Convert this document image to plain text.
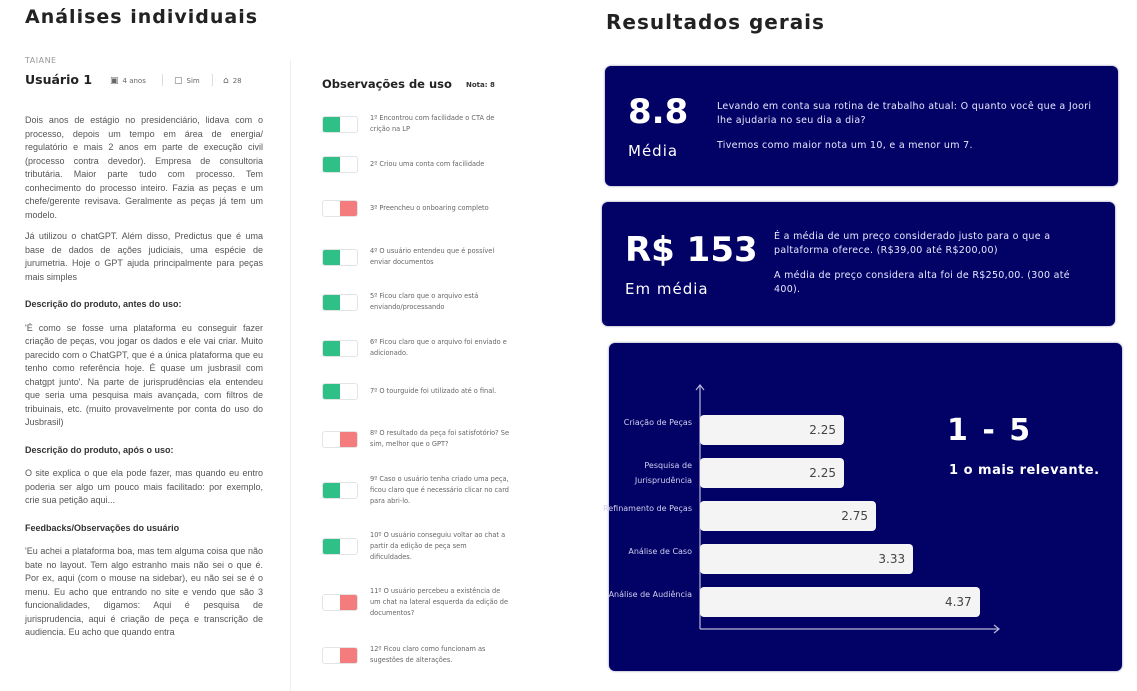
Análises individuais
TAIANE
Usuário 1 ▣ 4 anos	▢ Sim	⌂ 28

Dois anos de estágio no presidenciário, lidava com o processo, depois um tempo em área de energia/ regulatório e mais 2 anos em parte de execução civil (processo contra devedor). Empresa de consultoria tributária. Maior parte tudo com processo. Tem conhecimento do processo inteiro. Fazia as peças e um chefe/gerente revisava. Geralmente as peças já tem um modelo.

Já utilizou o chatGPT. Além disso, Predictus que é uma base de dados de ações judiciais, uma espécie de jurumetria. Hoje o GPT ajuda principalmente para peças mais simples

Descrição do produto, antes do uso:

'É como se fosse uma plataforma eu conseguir fazer criação de peças, vou jogar os dados e ele vai criar. Muito parecido com o ChatGPT, que é a única plataforma que eu tenho como referência hoje. É quase um jusbrasil com chatgpt junto'. Na parte de jurisprudências ela entendeu que seria uma pesquisa mais avançada, com filtros de tribuinais, etc. (muito provavelmente por conta do uso do Jusbrasil)

Descrição do produto, após o uso:

O site explica o que ela pode fazer, mas quando eu entro poderia ser algo um pouco mais facilitado: por exemplo, crie sua petição aqui...

Feedbacks/Observações do usuário

'Eu achei a plataforma boa, mas tem alguma coisa que não bate no layout. Tem algo estranho mais não sei o que é. Por ex, aqui (com o mouse na sidebar), eu não sei se é o menu. Eu acho que entrando no site e vendo que são 3 funcionalidades, digamos: Aqui é pesquisa de jurisprudencia, aqui é criação de peça e transcrição de audiencia. Eu acho que quando entra

Observações de uso Nota: 8
1º Encontrou com facilidade o CTA de crição na LP
2º Criou uma conta com facilidade
3º Preencheu o onboaring completo
4º O usuário entendeu que é possível enviar documentos
5º Ficou claro que o arquivo está enviando/processando
6º Ficou claro que o arquivo foi enviado e adicionado.
7º O tourguide foi utilizado até o final.
8º O resultado da peça foi satisfotório? Se sim, melhor que o GPT?
9º Caso o usuário tenha criado uma peça, ficou claro que é necessário clicar no card para abri-lo.
10º O usuário conseguiu voltar ao chat a partir da edição de peça sem dificuldades.
11º O usuário percebeu a existência de um chat na lateral esquerda da edição de documentos?
12º Ficou claro como funcionam as sugestões de alterações.
Resultados gerais
8.8
Média
Levando em conta sua rotina de trabalho atual: O quanto você que a Joori lhe ajudaria no seu dia a dia?
Tivemos como maior nota um 10, e a menor um 7.
R$ 153
Em média
É a média de um preço considerado justo para o que a paltaforma oferece. (R$39,00 até R$200,00)
A média de preço considera alta foi de R$250,00. (300 até 400).
2.25
2.25
2.75
3.33
4.37
Criação de Peças
Pesquisa de Jurisprudência
Refinamento de Peças
Análise de Caso
Análise de Audiência
1 - 5
1 o mais relevante.
